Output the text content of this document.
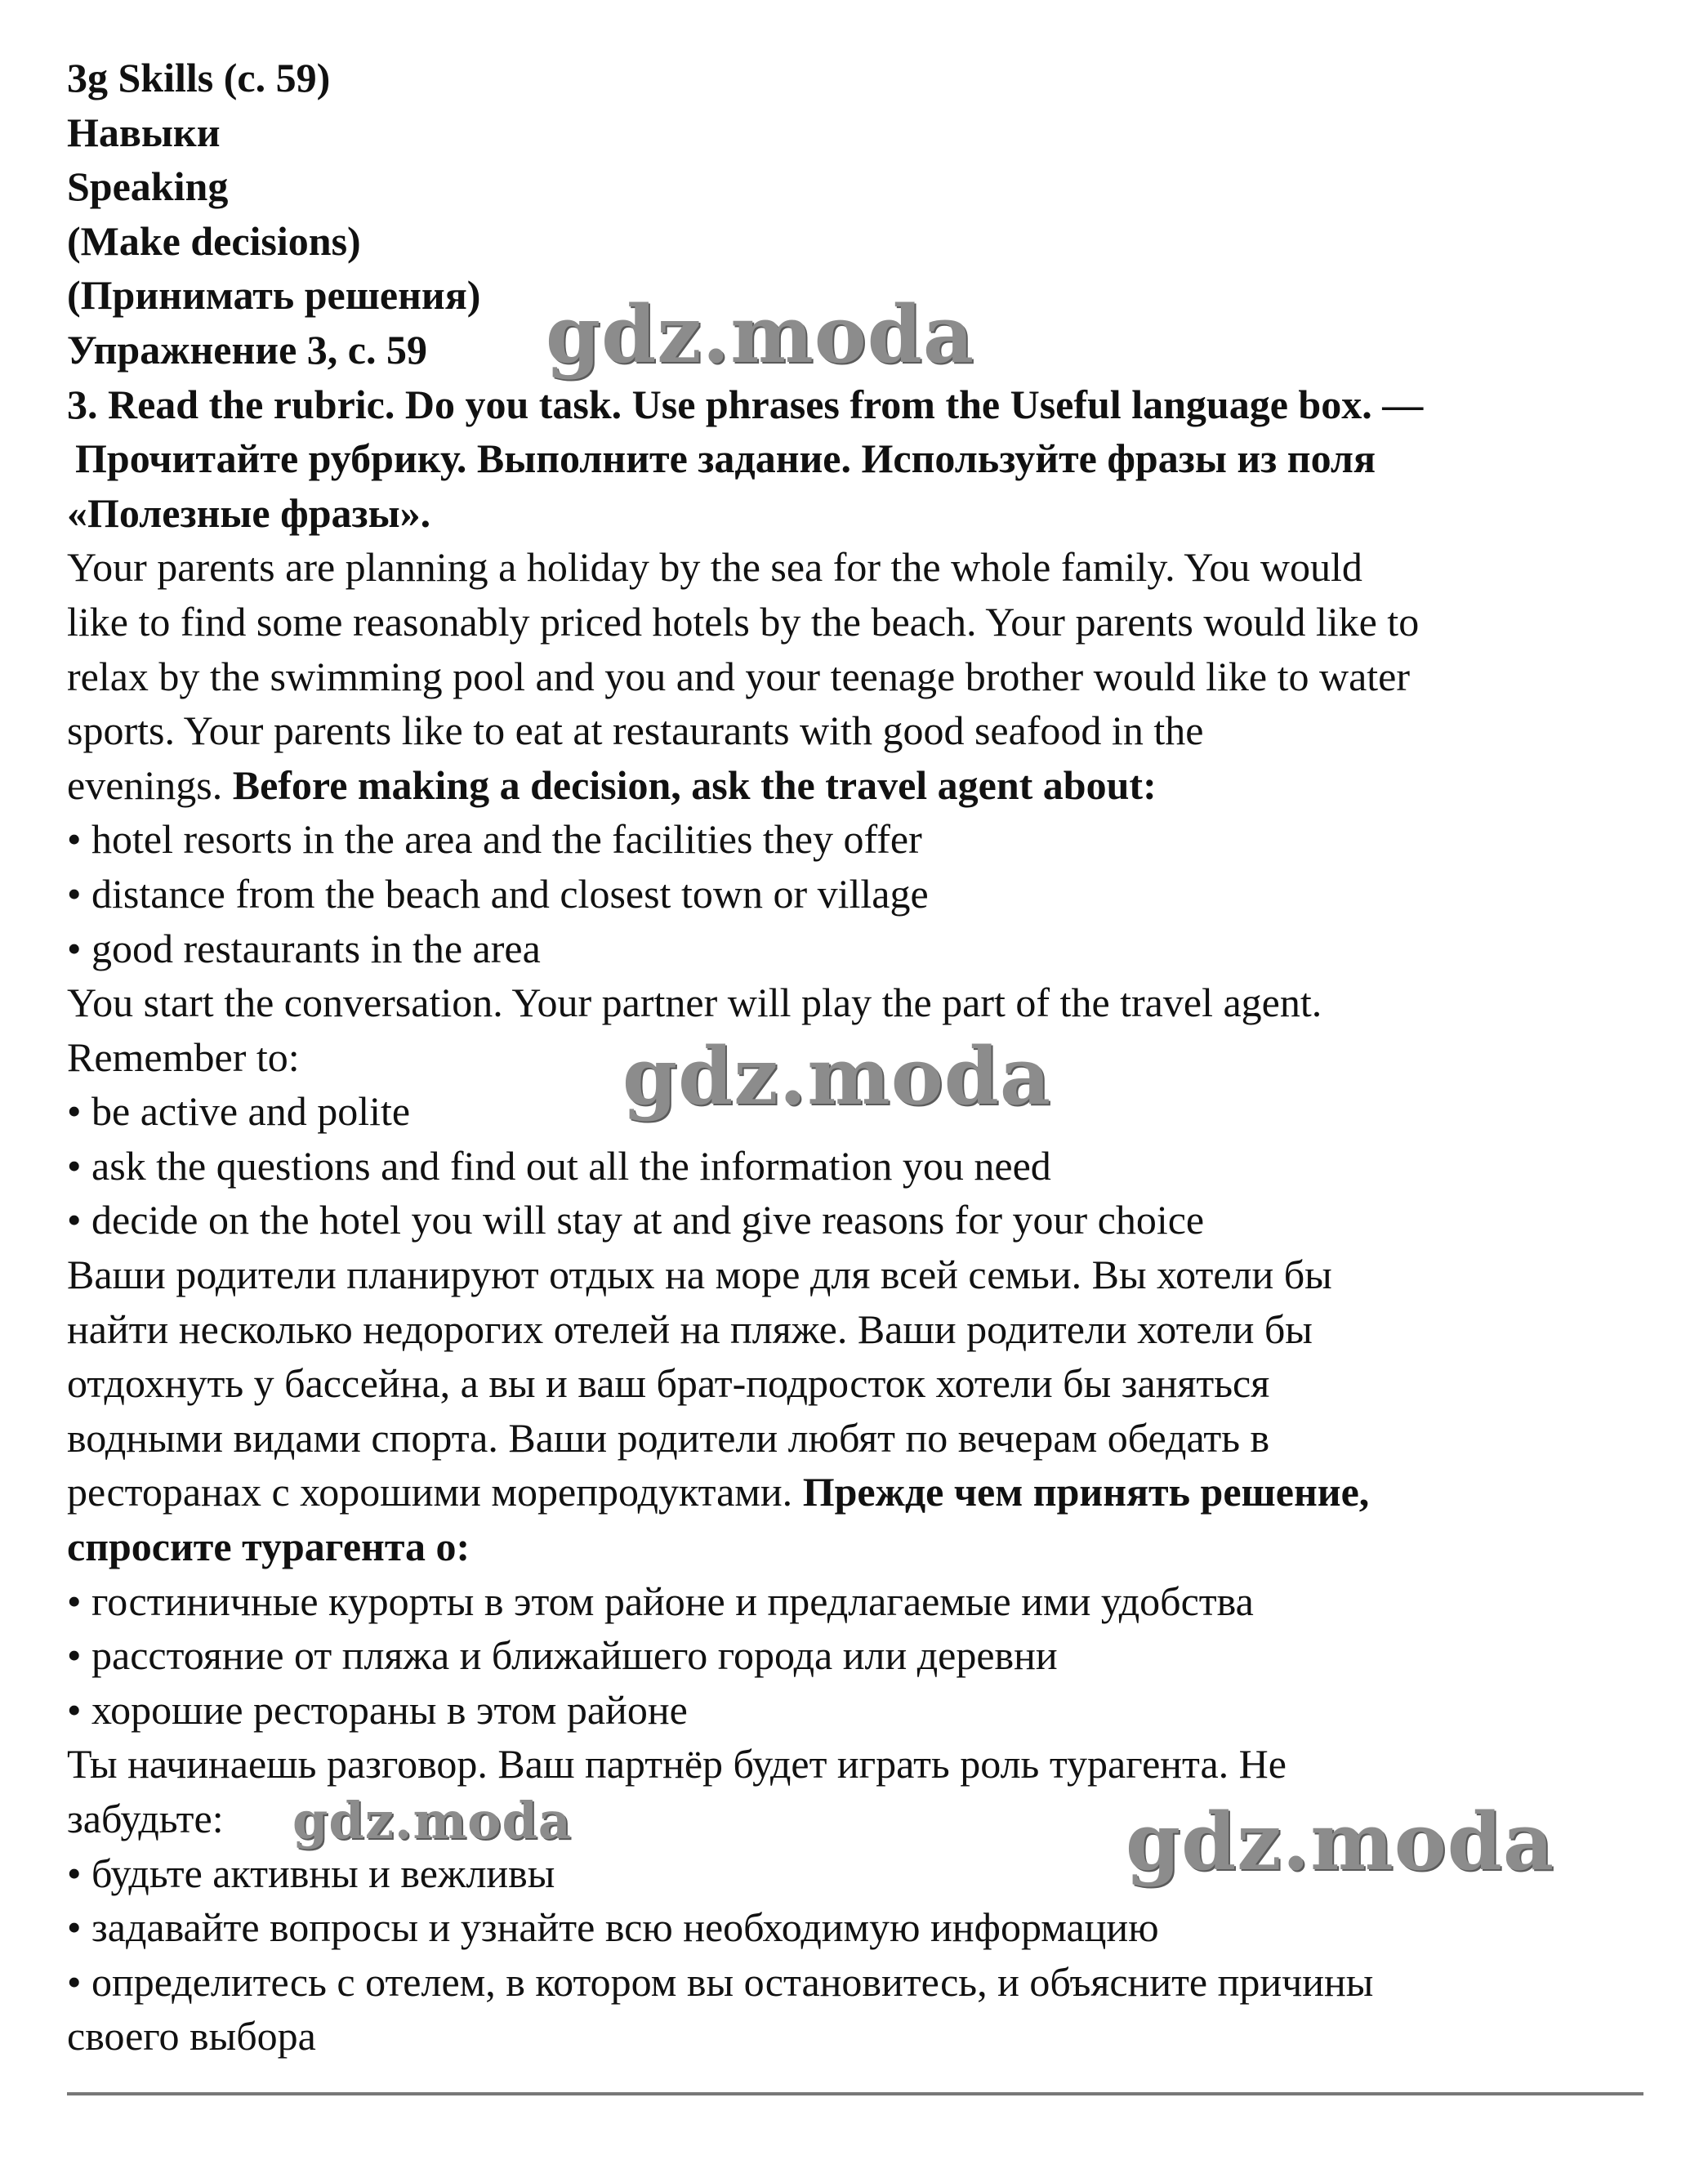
3g Skills (с. 59)
Навыки
Speaking
(Make decisions)
(Принимать решения)
Упражнение 3, с. 59
3. Read the rubric. Do you task. Use phrases from the Useful language box. —
Прочитайте рубрику. Выполните задание. Используйте фразы из поля
«Полезные фразы».
Your parents are planning a holiday by the sea for the whole family. You would
like to find some reasonably priced hotels by the beach. Your parents would like to
relax by the swimming pool and you and your teenage brother would like to water
sports. Your parents like to eat at restaurants with good seafood in the
evenings. Before making a decision, ask the travel agent about:
• hotel resorts in the area and the facilities they offer
• distance from the beach and closest town or village
• good restaurants in the area
You start the conversation. Your partner will play the part of the travel agent.
Remember to:
• be active and polite
• ask the questions and find out all the information you need
• decide on the hotel you will stay at and give reasons for your choice
Ваши родители планируют отдых на море для всей семьи. Вы хотели бы
найти несколько недорогих отелей на пляже. Ваши родители хотели бы
отдохнуть у бассейна, а вы и ваш брат-подросток хотели бы заняться
водными видами спорта. Ваши родители любят по вечерам обедать в
ресторанах с хорошими морепродуктами. Прежде чем принять решение,
спросите турагента о:
• гостиничные курорты в этом районе и предлагаемые ими удобства
• расстояние от пляжа и ближайшего города или деревни
• хорошие рестораны в этом районе
Ты начинаешь разговор. Ваш партнёр будет играть роль турагента. Не
забудьте:
• будьте активны и вежливы
• задавайте вопросы и узнайте всю необходимую информацию
• определитесь с отелем, в котором вы остановитесь, и объясните причины
своего выбора
gdz.moda
gdz.moda
gdz.moda	gdz.moda
